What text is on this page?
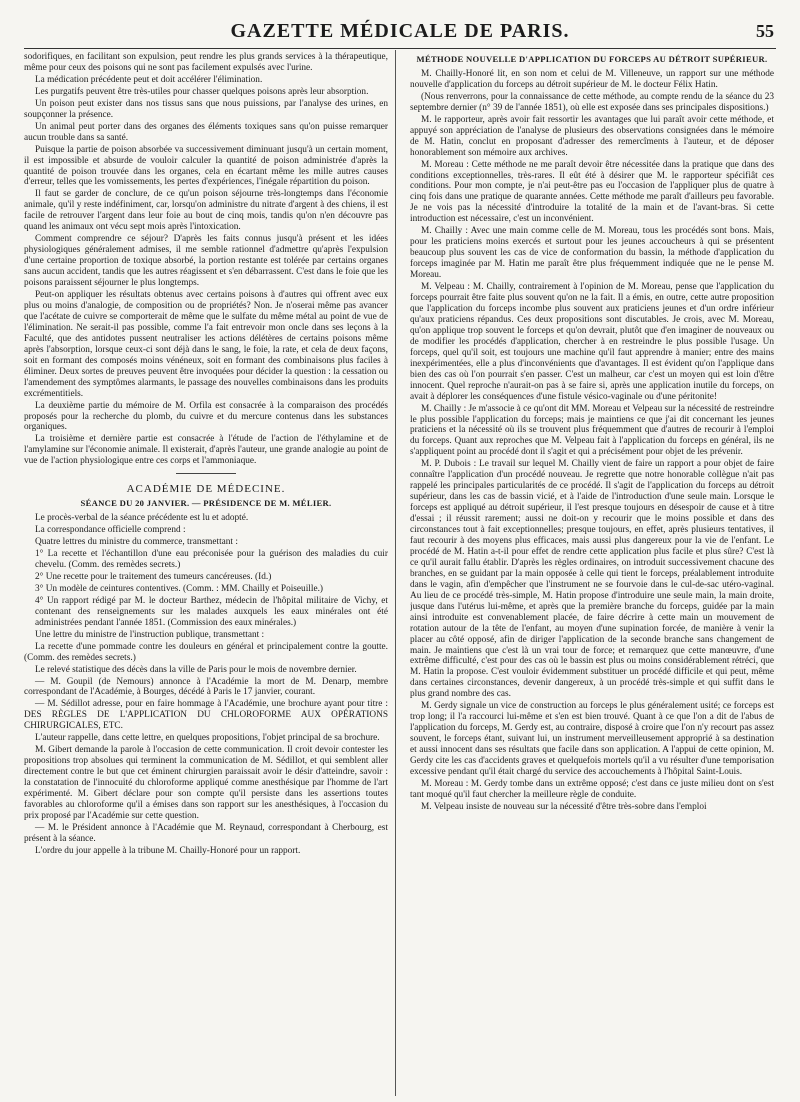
GAZETTE MÉDICALE DE PARIS.	55

sodorifiques, en facilitant son expulsion, peut rendre les plus grands services à la thérapeutique, même pour ceux des poisons qui ne sont pas facilement expulsés avec l'urine.

La médication précédente peut et doit accélérer l'élimination.

Les purgatifs peuvent être très-utiles pour chasser quelques poisons après leur absorption.

Un poison peut exister dans nos tissus sans que nous puissions, par l'analyse des urines, en soupçonner la présence.

Un animal peut porter dans des organes des éléments toxiques sans qu'on puisse remarquer aucun trouble dans sa santé.

Puisque la partie de poison absorbée va successivement diminuant jusqu'à un certain moment, il est impossible et absurde de vouloir calculer la quantité de poison administrée d'après la quantité de poison trouvée dans les organes, cela en écartant même les mille autres causes d'erreur, telles que les vomissements, les pertes d'expériences, l'inégale répartition du poison.

Il faut se garder de conclure, de ce qu'un poison séjourne très-longtemps dans l'économie animale, qu'il y reste indéfiniment, car, lorsqu'on administre du nitrate d'argent à des chiens, il est facile de retrouver l'argent dans leur foie au bout de cinq mois, tandis qu'on n'en découvre pas quand les animaux ont vécu sept mois après l'intoxication.

Comment comprendre ce séjour? D'après les faits connus jusqu'à présent et les idées physiologiques généralement admises, il me semble rationnel d'admettre qu'après l'expulsion d'une certaine proportion de toxique absorbé, la portion restante est tolérée par certains organes sans aucun accident, tandis que les autres réagissent et s'en débarrassent. C'est dans le foie que les poisons paraissent séjourner le plus longtemps.

Peut-on appliquer les résultats obtenus avec certains poisons à d'autres qui offrent avec eux plus ou moins d'analogie, de composition ou de propriétés? Non. Je n'oserai même pas avancer que l'acétate de cuivre se comporterait de même que le sulfate du même métal au point de vue de l'élimination. Ne serait-il pas possible, comme l'a fait entrevoir mon oncle dans ses leçons à la Faculté, que des antidotes pussent neutraliser les actions délétères de certains poisons même après l'absorption, lorsque ceux-ci sont déjà dans le sang, le foie, la rate, et cela de deux façons, soit en formant des composés moins vénéneux, soit en formant des combinaisons plus faciles à éliminer. Deux sortes de preuves peuvent être invoquées pour décider la question : la cessation ou l'amendement des symptômes alarmants, le passage des nouvelles combinaisons dans les produits excrémentitiels.

La deuxième partie du mémoire de M. Orfila est consacrée à la comparaison des procédés proposés pour la recherche du plomb, du cuivre et du mercure contenus dans les substances organiques.

La troisième et dernière partie est consacrée à l'étude de l'action de l'éthylamine et de l'amylamine sur l'économie animale. Il existerait, d'après l'auteur, une grande analogie au point de vue de l'action physiologique entre ces corps et l'ammoniaque.

ACADÉMIE DE MÉDECINE.
SÉANCE DU 20 JANVIER. — PRÉSIDENCE DE M. MÉLIER.

Le procès-verbal de la séance précédente est lu et adopté.

La correspondance officielle comprend :

Quatre lettres du ministre du commerce, transmettant :

1° La recette et l'échantillon d'une eau préconisée pour la guérison des maladies du cuir chevelu. (Comm. des remèdes secrets.)

2° Une recette pour le traitement des tumeurs cancéreuses. (Id.)

3° Un modèle de ceintures contentives. (Comm. : MM. Chailly et Poiseuille.)

4° Un rapport rédigé par M. le docteur Barthez, médecin de l'hôpital militaire de Vichy, et contenant des renseignements sur les malades auxquels les eaux minérales ont été administrées pendant l'année 1851. (Commission des eaux minérales.)

Une lettre du ministre de l'instruction publique, transmettant :

La recette d'une pommade contre les douleurs en général et principalement contre la goutte. (Comm. des remèdes secrets.)

Le relevé statistique des décès dans la ville de Paris pour le mois de novembre dernier.

— M. Goupil (de Nemours) annonce à l'Académie la mort de M. Denarp, membre correspondant de l'Académie, à Bourges, décédé à Paris le 17 janvier, courant.

— M. Sédillot adresse, pour en faire hommage à l'Académie, une brochure ayant pour titre : DES RÈGLES DE L'APPLICATION DU CHLOROFORME AUX OPÉRATIONS CHIRURGICALES, ETC.

L'auteur rappelle, dans cette lettre, en quelques propositions, l'objet principal de sa brochure.

M. Gibert demande la parole à l'occasion de cette communication. Il croit devoir contester les propositions trop absolues qui terminent la communication de M. Sédillot, et qui semblent aller directement contre le but que cet éminent chirurgien paraissait avoir le désir d'atteindre, savoir : la constatation de l'innocuité du chloroforme appliqué comme anesthésique par l'homme de l'art expérimenté. M. Gibert déclare pour son compte qu'il persiste dans les assertions toutes favorables au chloroforme qu'il a émises dans son rapport sur les anesthésiques, à l'occasion du prix proposé par l'Académie sur cette question.

— M. le Président annonce à l'Académie que M. Reynaud, correspondant à Cherbourg, est présent à la séance.

L'ordre du jour appelle à la tribune M. Chailly-Honoré pour un rapport.

MÉTHODE NOUVELLE D'APPLICATION DU FORCEPS AU DÉTROIT SUPÉRIEUR.

M. Chailly-Honoré lit, en son nom et celui de M. Villeneuve, un rapport sur une méthode nouvelle d'application du forceps au détroit supérieur de M. le docteur Félix Hatin.

(Nous renverrons, pour la connaissance de cette méthode, au compte rendu de la séance du 23 septembre dernier (n° 39 de l'année 1851), où elle est exposée dans ses principales dispositions.)

M. le rapporteur, après avoir fait ressortir les avantages que lui paraît avoir cette méthode, et appuyé son appréciation de l'analyse de plusieurs des observations consignées dans le mémoire de M. Hatin, conclut en proposant d'adresser des remercîments à l'auteur, et de déposer honorablement son mémoire aux archives.

M. Moreau : Cette méthode ne me paraît devoir être nécessitée dans la pratique que dans des conditions exceptionnelles, très-rares. Il eût été à désirer que M. le rapporteur spécifiât ces conditions. Pour mon compte, je n'ai peut-être pas eu l'occasion de l'appliquer plus de quatre à cinq fois dans une pratique de quarante années. Cette méthode me paraît d'ailleurs peu favorable. Je ne vois pas la nécessité d'introduire la totalité de la main et de l'avant-bras. Si cette introduction est nécessaire, c'est un inconvénient.

M. Chailly : Avec une main comme celle de M. Moreau, tous les procédés sont bons. Mais, pour les praticiens moins exercés et surtout pour les jeunes accoucheurs à qui se présentent beaucoup plus souvent les cas de vice de conformation du bassin, la méthode d'application du forceps imaginée par M. Hatin me paraît être plus fréquemment indiquée que ne le pense M. Moreau.

M. Velpeau : M. Chailly, contrairement à l'opinion de M. Moreau, pense que l'application du forceps pourrait être faite plus souvent qu'on ne la fait. Il a émis, en outre, cette autre proposition que l'application du forceps incombe plus souvent aux praticiens jeunes et d'un ordre inférieur qu'aux praticiens répandus. Ces deux propositions sont discutables. Je crois, avec M. Moreau, qu'on applique trop souvent le forceps et qu'on devrait, plutôt que d'en imaginer de nouveaux ou de modifier les procédés d'application, chercher à en restreindre le plus possible l'usage. Un forceps, quel qu'il soit, est toujours une machine qu'il faut apprendre à manier; entre des mains inexpérimentées, elle a plus d'inconvénients que d'avantages. Il est évident qu'on l'applique dans bien des cas où l'on pourrait s'en passer. C'est un malheur, car c'est un moyen qui est loin d'être innocent. Quel reproche n'aurait-on pas à se faire si, après une application inutile du forceps, on avait à déplorer les conséquences d'une fistule vésico-vaginale ou d'une péritonite!

M. Chailly : Je m'associe à ce qu'ont dit MM. Moreau et Velpeau sur la nécessité de restreindre le plus possible l'application du forceps; mais je maintiens ce que j'ai dit concernant les jeunes praticiens et la nécessité où ils se trouvent plus fréquemment que d'autres de recourir à l'emploi du forceps. Quant aux reproches que M. Velpeau fait à l'application du forceps en général, ils ne s'appliquent point au procédé dont il s'agit et qui a précisément pour objet de les prévenir.

M. P. Dubois : Le travail sur lequel M. Chailly vient de faire un rapport a pour objet de faire connaître l'application d'un procédé nouveau. Je regrette que notre honorable collègue n'ait pas rappelé les principales particularités de ce procédé. Il s'agit de l'application du forceps au détroit supérieur, dans les cas de bassin vicié, et à l'aide de l'introduction d'une seule main. Lorsque le forceps est appliqué au détroit supérieur, il l'est presque toujours en désespoir de cause et à titre d'essai ; il réussit rarement; aussi ne doit-on y recourir que le moins possible et dans des circonstances tout à fait exceptionnelles; presque toujours, en effet, après plusieurs tentatives, il faut recourir à des moyens plus efficaces, mais aussi plus dangereux pour la vie de l'enfant. Le procédé de M. Hatin a-t-il pour effet de rendre cette application plus facile et plus sûre? C'est là ce qu'il aurait fallu établir. D'après les règles ordinaires, on introduit successivement chacune des branches, en se guidant par la main opposée à celle qui tient le forceps, préalablement introduite dans le vagin, afin d'empêcher que l'instrument ne se fourvoie dans le cul-de-sac utéro-vaginal. Au lieu de ce procédé très-simple, M. Hatin propose d'introduire une seule main, la main droite, jusque dans l'utérus lui-même, et après que la première branche du forceps, guidée par la main ainsi introduite est convenablement placée, de faire décrire à cette main un mouvement de rotation autour de la tête de l'enfant, au moyen d'une supination forcée, de manière à venir la placer au côté opposé, afin de diriger l'application de la seconde branche sans changement de main. Je maintiens que c'est là un vrai tour de force; et remarquez que cette manœuvre, d'une extrême difficulté, c'est pour des cas où le bassin est plus ou moins considérablement rétréci, que M. Hatin la propose. C'est vouloir évidemment substituer un procédé difficile et qui peut, même dans certaines circonstances, devenir dangereux, à un procédé très-simple et qui suffit dans le plus grand nombre des cas.

M. Gerdy signale un vice de construction au forceps le plus généralement usité; ce forceps est trop long; il l'a raccourci lui-même et s'en est bien trouvé. Quant à ce que l'on a dit de l'abus de l'application du forceps, M. Gerdy est, au contraire, disposé à croire que l'on n'y recourt pas assez souvent, le forceps étant, suivant lui, un instrument merveilleusement approprié à sa destination et aussi innocent dans ses résultats que facile dans son application. A l'appui de cette opinion, M. Gerdy cite les cas d'accidents graves et quelquefois mortels qu'il a vu résulter d'une temporisation excessive pendant qu'il était chargé du service des accouchements à l'hôpital Saint-Louis.

M. Moreau : M. Gerdy tombe dans un extrême opposé; c'est dans ce juste milieu dont on s'est tant moqué qu'il faut chercher la meilleure règle de conduite.

M. Velpeau insiste de nouveau sur la nécessité d'être très-sobre dans l'emploi
